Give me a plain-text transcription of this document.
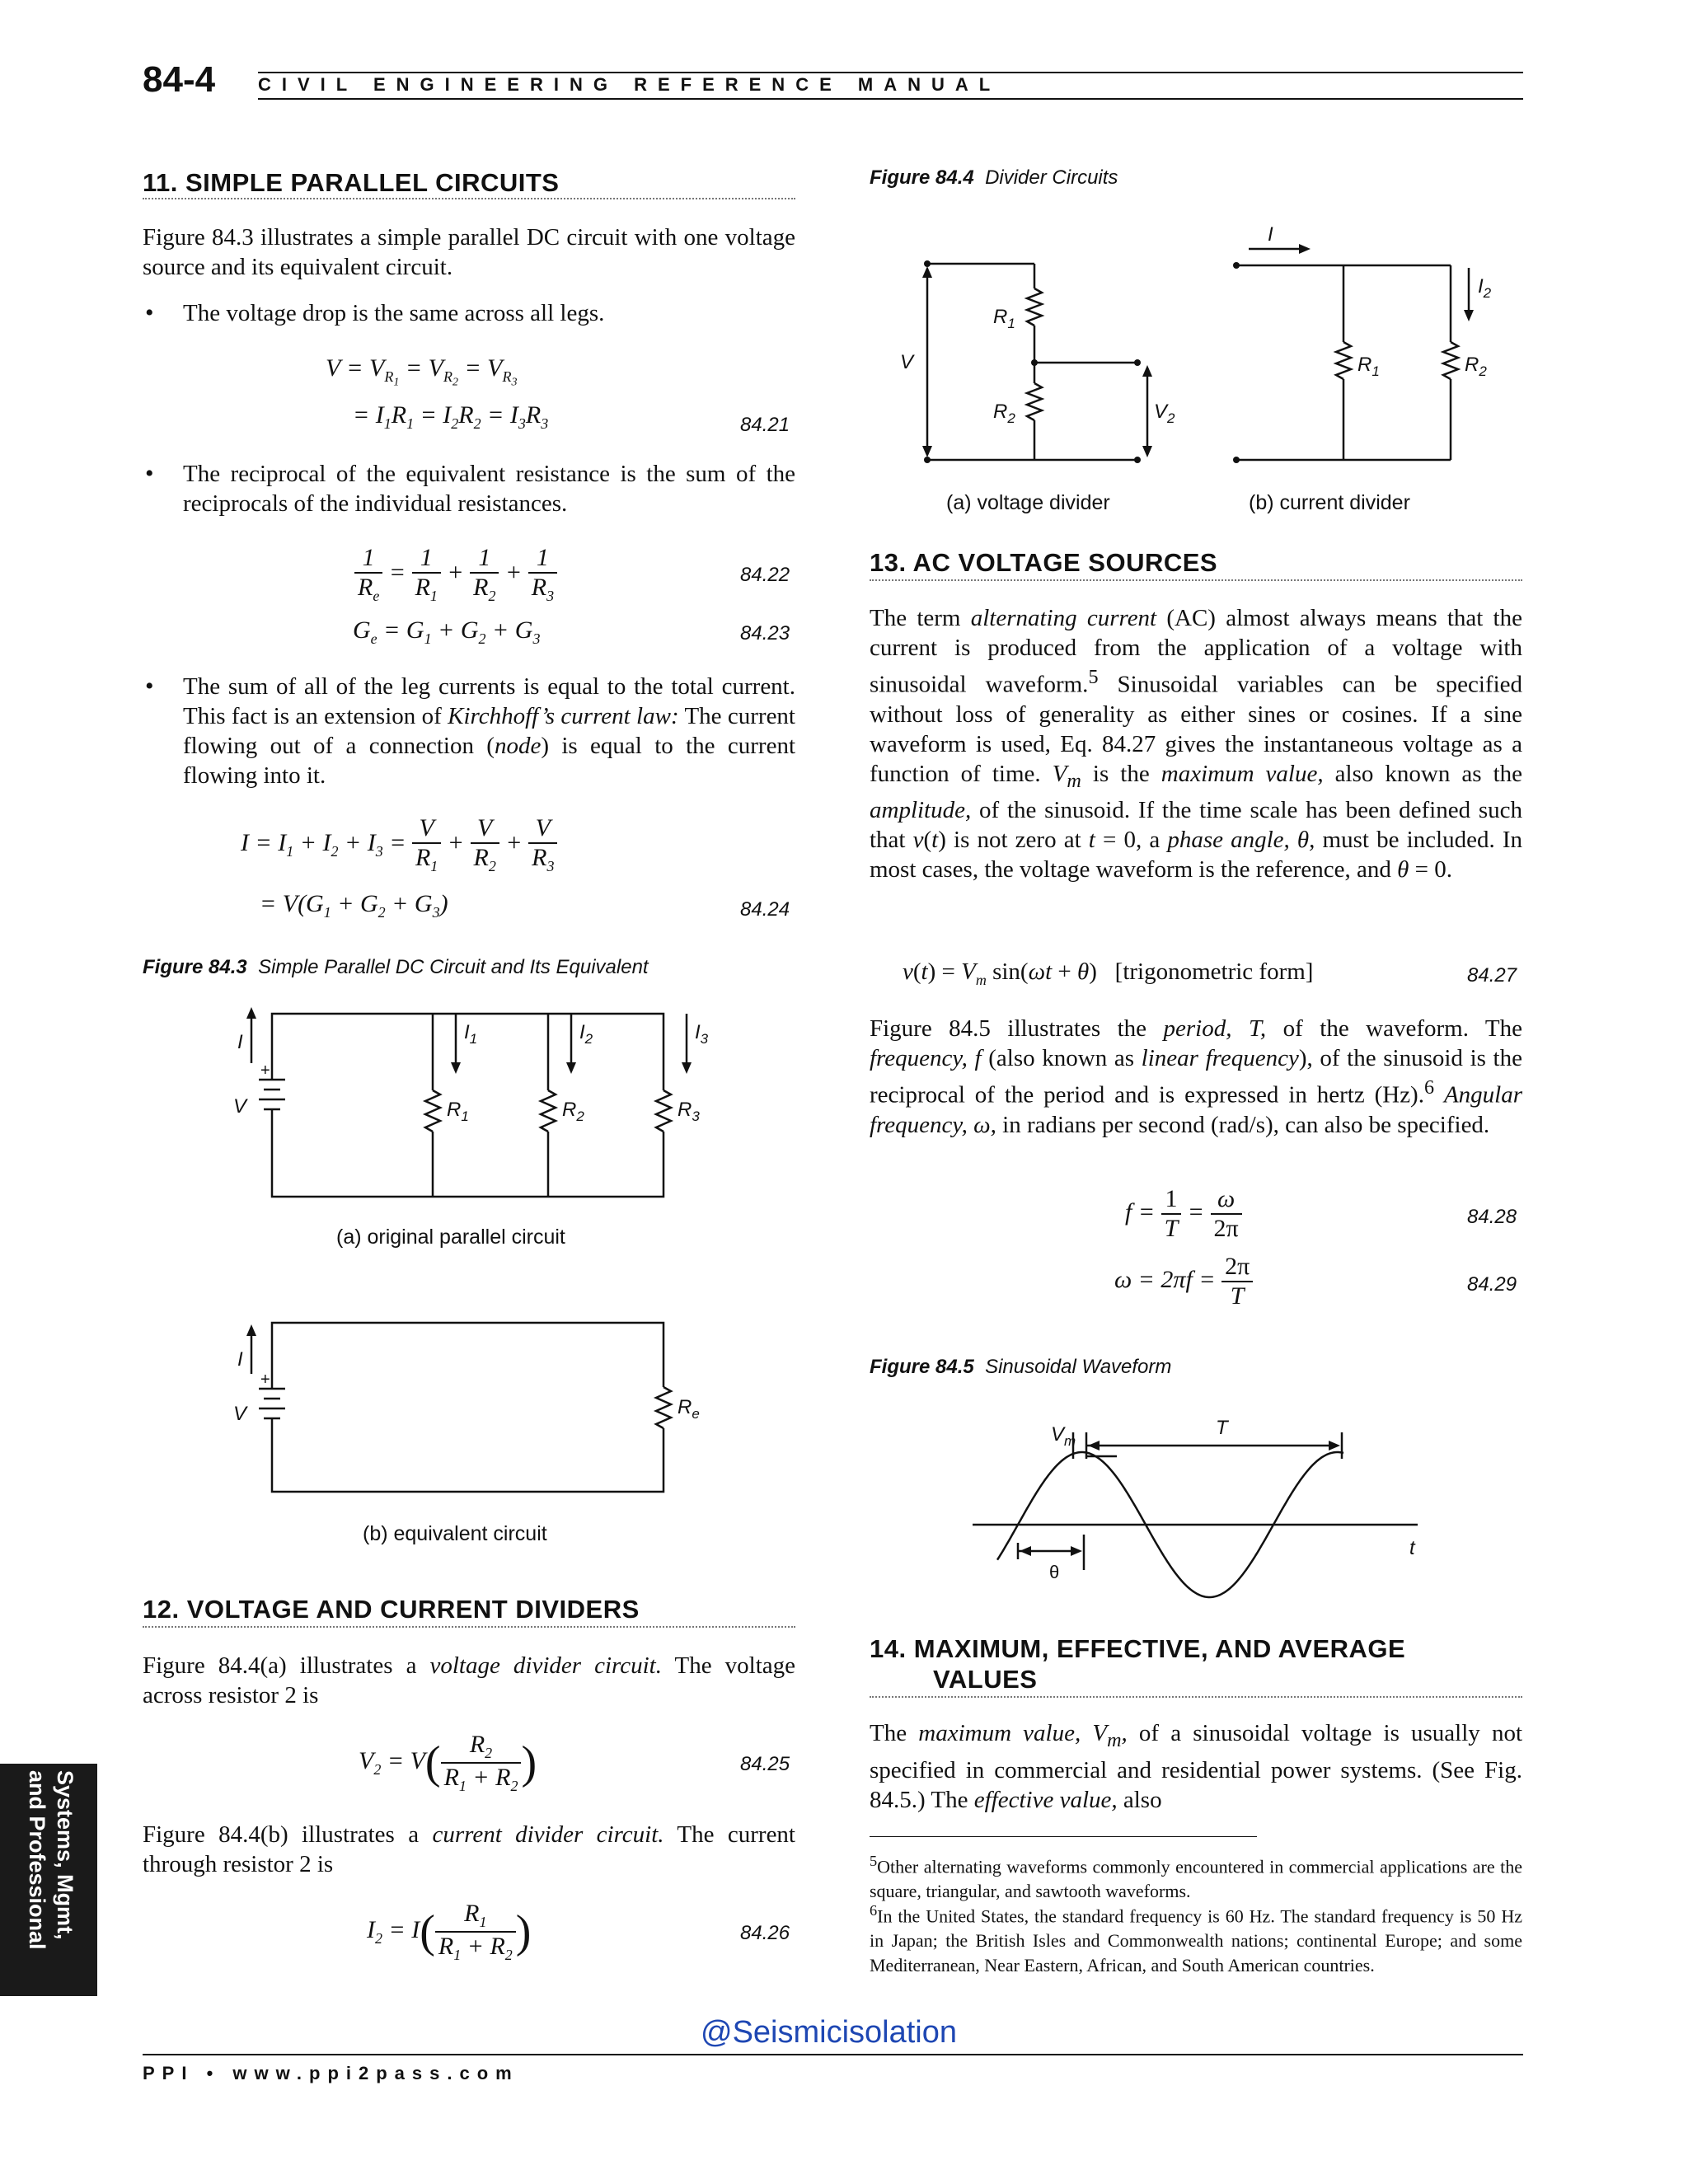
84-4 CIVIL ENGINEERING REFERENCE MANUAL
11. SIMPLE PARALLEL CIRCUITS
Figure 84.3 illustrates a simple parallel DC circuit with one voltage source and its equivalent circuit.
• The voltage drop is the same across all legs.
$V = V_{R_1} = V_{R_2} = V_{R_3}$
= $I_1R_1 = I_2R_2 = I_3R_3$	84.21
• The reciprocal of the equivalent resistance is the sum of the reciprocals of the individual resistances.
$\frac{1}{R_e} = \frac{1}{R_1} + \frac{1}{R_2} + \frac{1}{R_3}$	84.22
$G_e = G_1 + G_2 + G_3$	84.23
• The sum of all of the leg currents is equal to the total current. This fact is an extension of Kirchhoff’s current law: The current flowing out of a connection (node) is equal to the current flowing into it.
$I = I_1 + I_2 + I_3 = \frac{V}{R_1} + \frac{V}{R_2} + \frac{V}{R_3}$
= $V(G_1 + G_2 + G_3)$	84.24
Figure 84.3 Simple Parallel DC Circuit and Its Equivalent
I
V
$I_1$	$I_2$	$I_3$
$R_1$	$R_2$	$R_3$
+
(a) original parallel circuit
I
V	$R_e$
+
(b) equivalent circuit
12. VOLTAGE AND CURRENT DIVIDERS
Figure 84.4(a) illustrates a voltage divider circuit. The voltage across resistor 2 is
$V_2 = V( \frac{R_2}{R_1 + R_2}$ )	84.25
Figure 84.4(b) illustrates a current divider circuit. The current through resistor 2 is
$I_2 = I( \frac{R_1}{R_1 + R_2}$ )	84.26
Systems, Mgmt,
and Professional
Figure 84.4 Divider Circuits
V
$R_1$
$R_2$	$V_2$
(a) voltage divider
I
$I_2$
$R_1$	$R_2$
(b) current divider
13. AC VOLTAGE SOURCES
The term alternating current (AC) almost always means that the current is produced from the application of a voltage with sinusoidal waveform.$^5$ Sinusoidal variables can be specified without loss of generality as either sines or cosines. If a sine waveform is used, Eq. 84.27 gives the instantaneous voltage as a function of time. $V_m$ is the maximum value, also known as the amplitude, of the sinusoid. If the time scale has been defined such that v(t) is not zero at t = 0, a phase angle, θ, must be included. In most cases, the voltage waveform is the reference, and θ = 0.
$v(t) = V_m$ sin(ωt + θ)   [trigonometric form]	84.27
Figure 84.5 illustrates the period, T, of the waveform. The frequency, f (also known as linear frequency), of the sinusoid is the reciprocal of the period and is expressed in hertz (Hz).$^6$ Angular frequency, ω, in radians per second (rad/s), can also be specified.
$f = \frac{1}{T} = \frac{\omega}{2\pi}$	84.28
$\omega = 2\pi f = \frac{2\pi}{T}$	84.29
Figure 84.5 Sinusoidal Waveform
$V_m$
T
t
θ
14. MAXIMUM, EFFECTIVE, AND AVERAGE
VALUES
The maximum value, $V_m$, of a sinusoidal voltage is usually not specified in commercial and residential power systems. (See Fig. 84.5.) The effective value, also
$^5$Other alternating waveforms commonly encountered in commercial applications are the square, triangular, and sawtooth waveforms.
$^6$In the United States, the standard frequency is 60 Hz. The standard frequency is 50 Hz in Japan; the British Isles and Commonwealth nations; continental Europe; and some Mediterranean, Near Eastern, African, and South American countries.
@Seismicisolation
PPI • www.ppi2pass.com
